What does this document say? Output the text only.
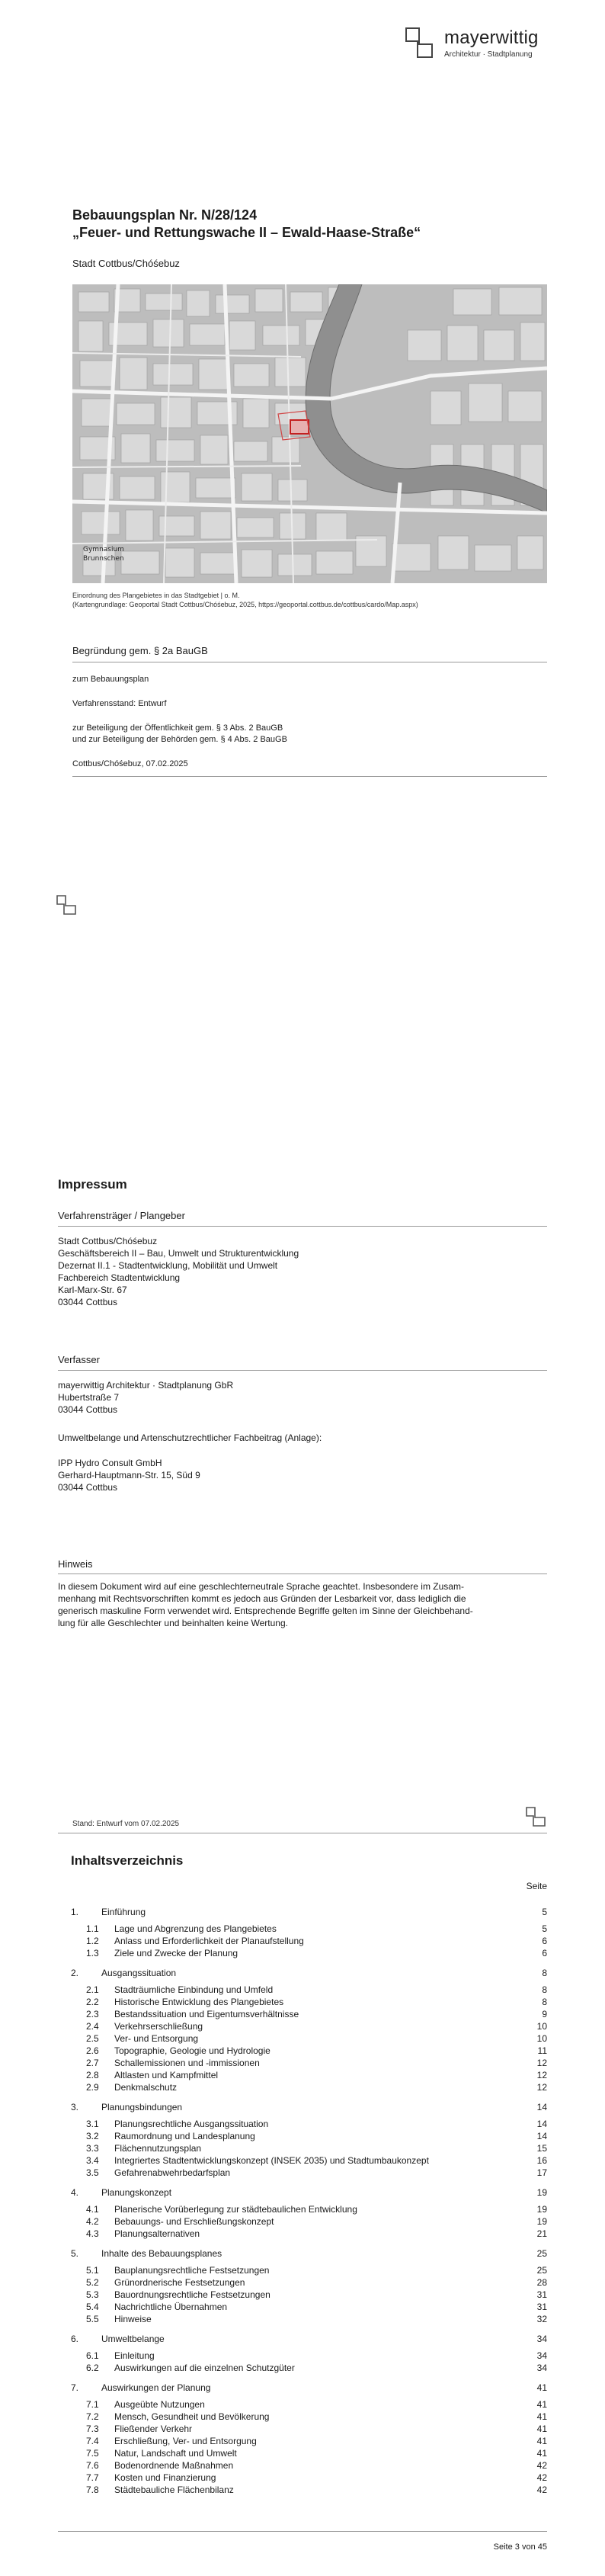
mayerwittig
Architektur · Stadtplanung
Bebauungsplan Nr. N/28/124
„Feuer- und Rettungswache II – Ewald-Haase-Straße“
Stadt Cottbus/Chóśebuz
Gymnasium
Brunnschen
Einordnung des Plangebietes in das Stadtgebiet | o. M.
(Kartengrundlage: Geoportal Stadt Cottbus/Chóśebuz, 2025, https://geoportal.cottbus.de/cottbus/cardo/Map.aspx)
Begründung gem. § 2a BauGB
zum Bebauungsplan
Verfahrensstand: Entwurf
zur Beteiligung der Öffentlichkeit gem. § 3 Abs. 2 BauGB
und zur Beteiligung der Behörden gem. § 4 Abs. 2 BauGB
Cottbus/Chóśebuz, 07.02.2025
Impressum
Verfahrensträger / Plangeber
Stadt Cottbus/Chóśebuz
Geschäftsbereich II – Bau, Umwelt und Strukturentwicklung
Dezernat II.1 - Stadtentwicklung, Mobilität und Umwelt
Fachbereich Stadtentwicklung
Karl-Marx-Str. 67
03044 Cottbus
Verfasser
mayerwittig Architektur · Stadtplanung GbR
Hubertstraße 7
03044 Cottbus
Umweltbelange und Artenschutzrechtlicher Fachbeitrag (Anlage):
IPP Hydro Consult GmbH
Gerhard-Hauptmann-Str. 15, Süd 9
03044 Cottbus
Hinweis
In diesem Dokument wird auf eine geschlechterneutrale Sprache geachtet. Insbesondere im Zusam-
menhang mit Rechtsvorschriften kommt es jedoch aus Gründen der Lesbarkeit vor, dass lediglich die
generisch maskuline Form verwendet wird. Entsprechende Begriffe gelten im Sinne der Gleichbehand-
lung für alle Geschlechter und beinhalten keine Wertung.
Stand: Entwurf vom 07.02.2025
Inhaltsverzeichnis
Seite
1. Einführung	5
1.1 Lage und Abgrenzung des Plangebietes	5
1.2 Anlass und Erforderlichkeit der Planaufstellung	6
1.3 Ziele und Zwecke der Planung	6
2. Ausgangssituation	8
2.1 Stadträumliche Einbindung und Umfeld	8
2.2 Historische Entwicklung des Plangebietes	8
2.3 Bestandssituation und Eigentumsverhältnisse	9
2.4 Verkehrserschließung	10
2.5 Ver- und Entsorgung	10
2.6 Topographie, Geologie und Hydrologie	11
2.7 Schallemissionen und -immissionen	12
2.8 Altlasten und Kampfmittel	12
2.9 Denkmalschutz	12
3. Planungsbindungen	14
3.1 Planungsrechtliche Ausgangssituation	14
3.2 Raumordnung und Landesplanung	14
3.3 Flächennutzungsplan	15
3.4 Integriertes Stadtentwicklungskonzept (INSEK 2035) und Stadtumbaukonzept	16
3.5 Gefahrenabwehrbedarfsplan	17
4. Planungskonzept	19
4.1 Planerische Vorüberlegung zur städtebaulichen Entwicklung	19
4.2 Bebauungs- und Erschließungskonzept	19
4.3 Planungsalternativen	21
5. Inhalte des Bebauungsplanes	25
5.1 Bauplanungsrechtliche Festsetzungen	25
5.2 Grünordnerische Festsetzungen	28
5.3 Bauordnungsrechtliche Festsetzungen	31
5.4 Nachrichtliche Übernahmen	31
5.5 Hinweise	32
6. Umweltbelange	34
6.1 Einleitung	34
6.2 Auswirkungen auf die einzelnen Schutzgüter	34
7. Auswirkungen der Planung	41
7.1 Ausgeübte Nutzungen	41
7.2 Mensch, Gesundheit und Bevölkerung	41
7.3 Fließender Verkehr	41
7.4 Erschließung, Ver- und Entsorgung	41
7.5 Natur, Landschaft und Umwelt	41
7.6 Bodenordnende Maßnahmen	42
7.7 Kosten und Finanzierung	42
7.8 Städtebauliche Flächenbilanz	42
Seite 3 von 45
